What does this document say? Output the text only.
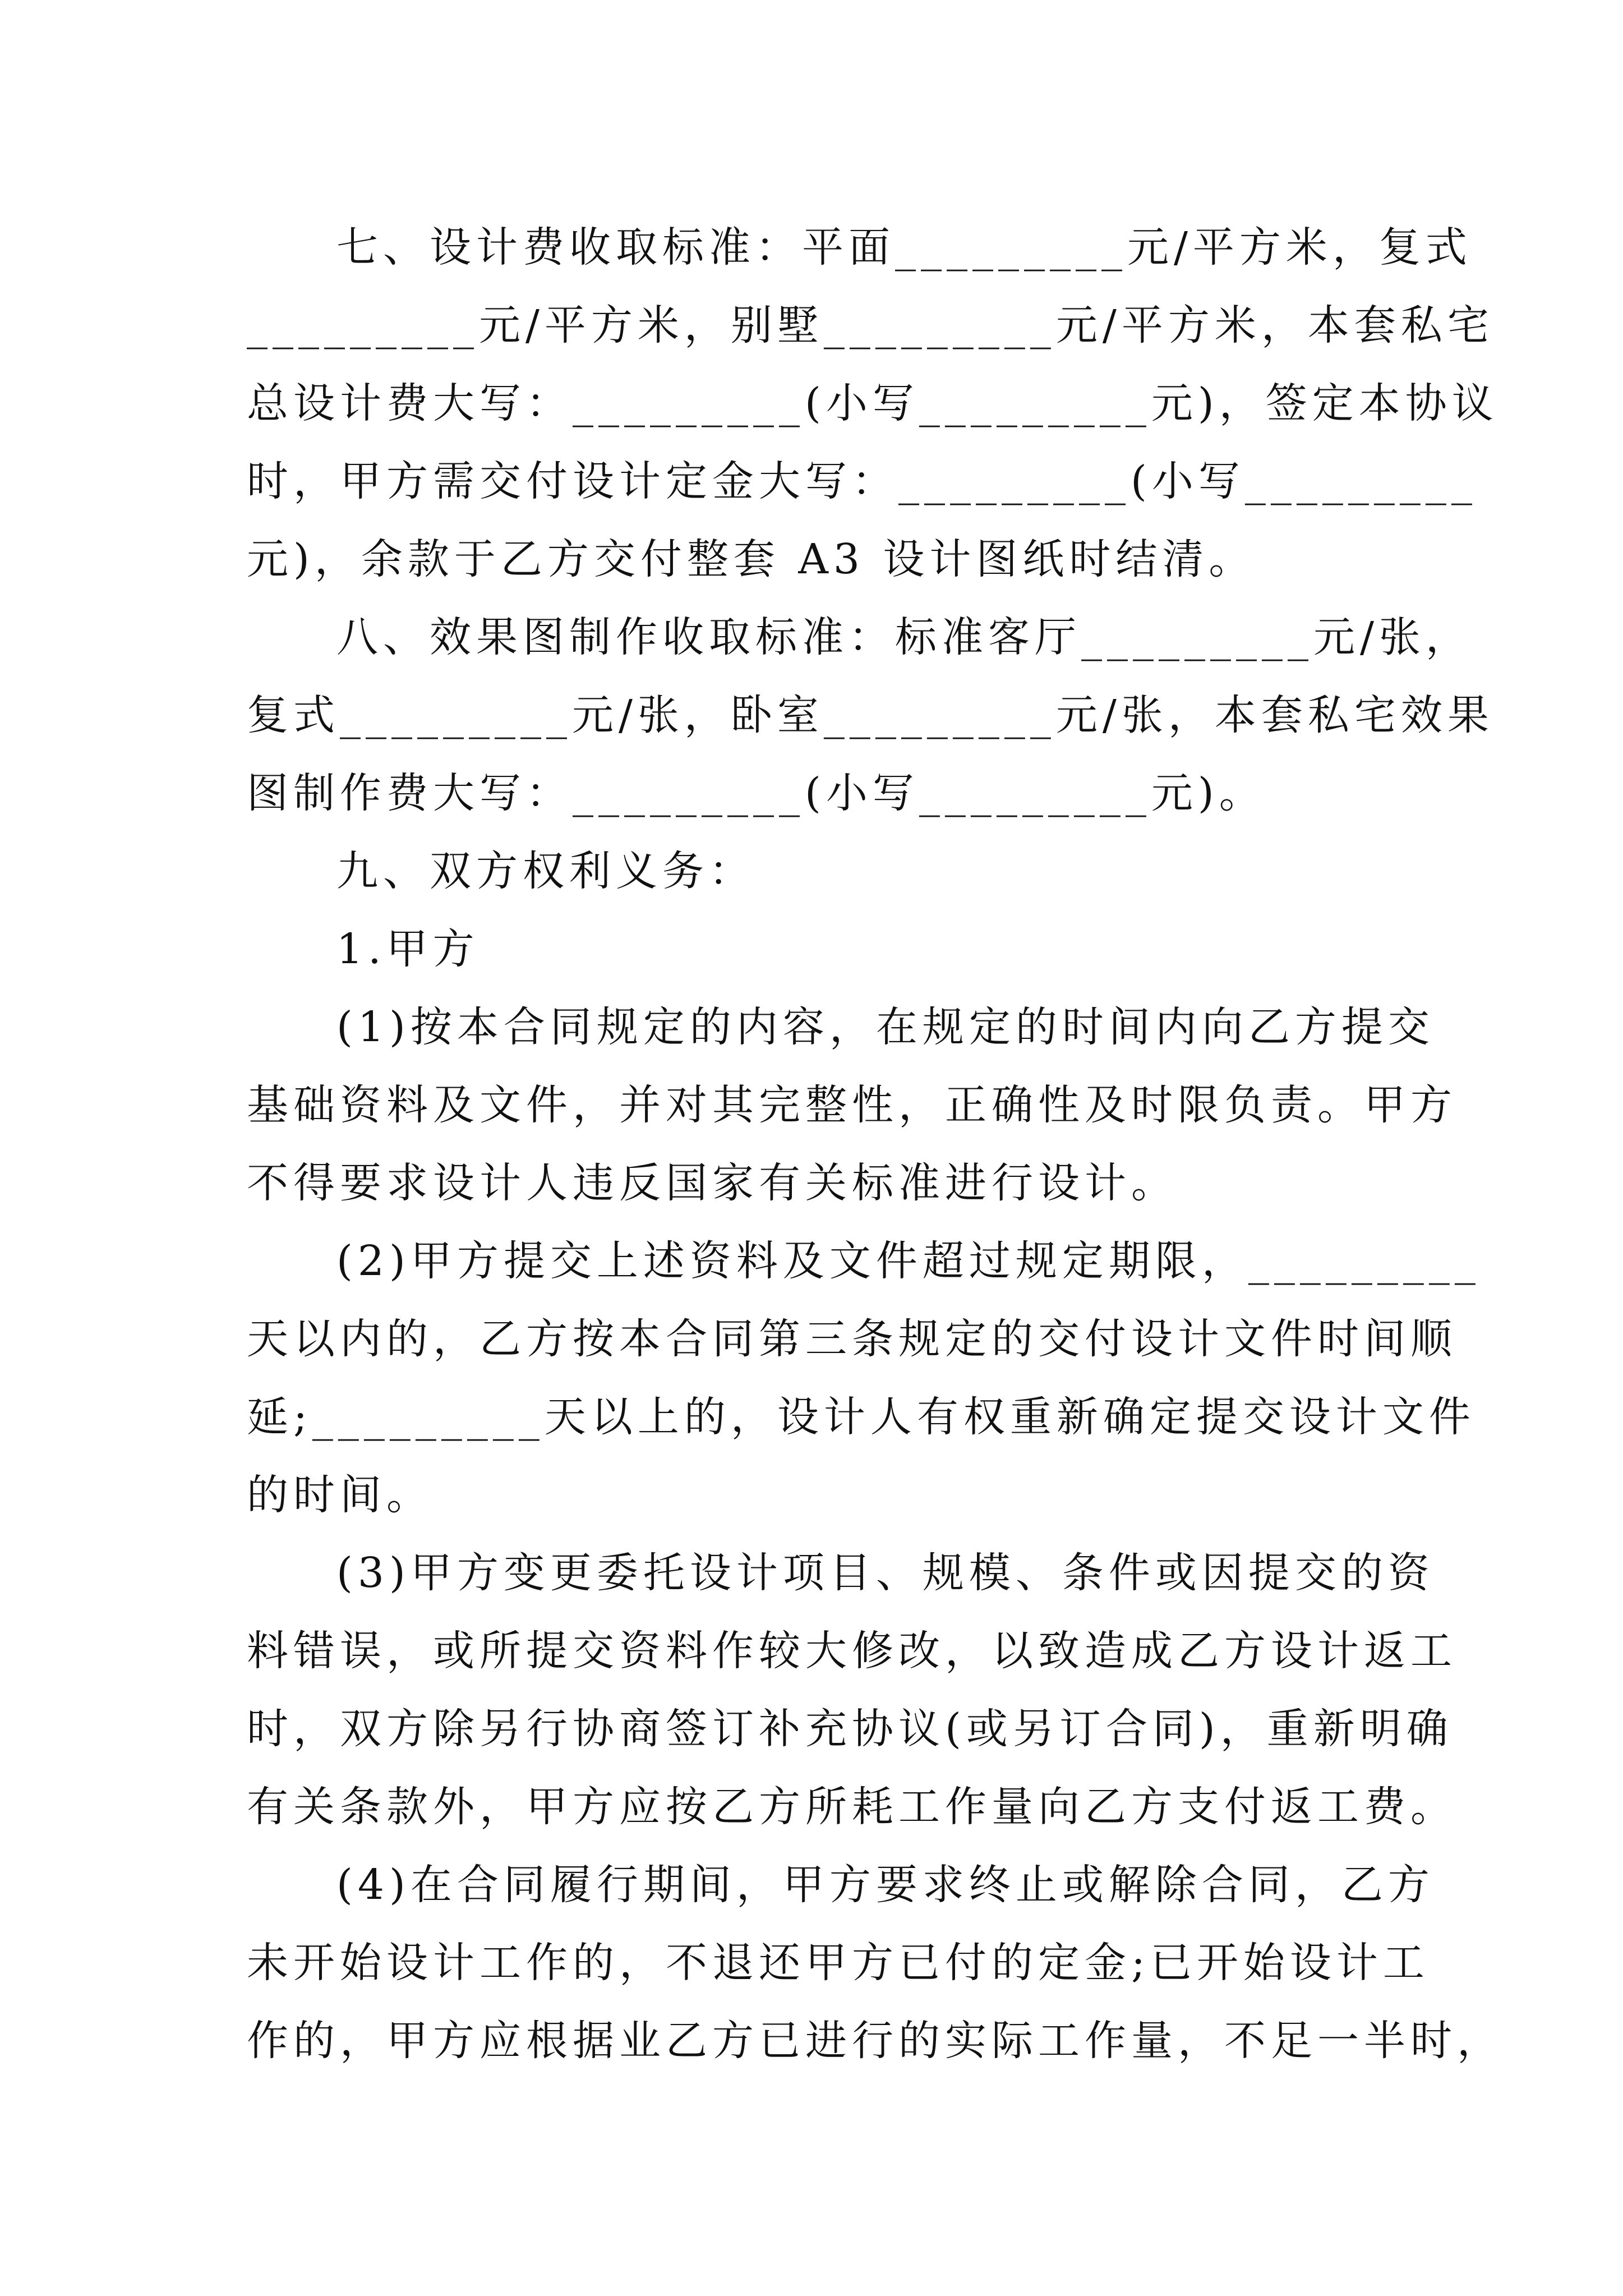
七、设计费收取标准：平面_________元/平方米，复式
_________元/平方米，别墅_________元/平方米，本套私宅
总设计费大写：_________(小写_________元)，签定本协议
时，甲方需交付设计定金大写：_________(小写_________
元)，余款于乙方交付整套 A3 设计图纸时结清。
八、效果图制作收取标准：标准客厅_________元/张，
复式_________元/张，卧室_________元/张，本套私宅效果
图制作费大写：_________(小写_________元)。
九、双方权利义务：
1.甲方
(1)按本合同规定的内容，在规定的时间内向乙方提交
基础资料及文件，并对其完整性，正确性及时限负责。甲方
不得要求设计人违反国家有关标准进行设计。
(2)甲方提交上述资料及文件超过规定期限，_________
天以内的，乙方按本合同第三条规定的交付设计文件时间顺
延;_________天以上的，设计人有权重新确定提交设计文件
的时间。
(3)甲方变更委托设计项目、规模、条件或因提交的资
料错误，或所提交资料作较大修改，以致造成乙方设计返工
时，双方除另行协商签订补充协议(或另订合同)，重新明确
有关条款外，甲方应按乙方所耗工作量向乙方支付返工费。
(4)在合同履行期间，甲方要求终止或解除合同，乙方
未开始设计工作的，不退还甲方已付的定金;已开始设计工
作的，甲方应根据业乙方已进行的实际工作量，不足一半时，
